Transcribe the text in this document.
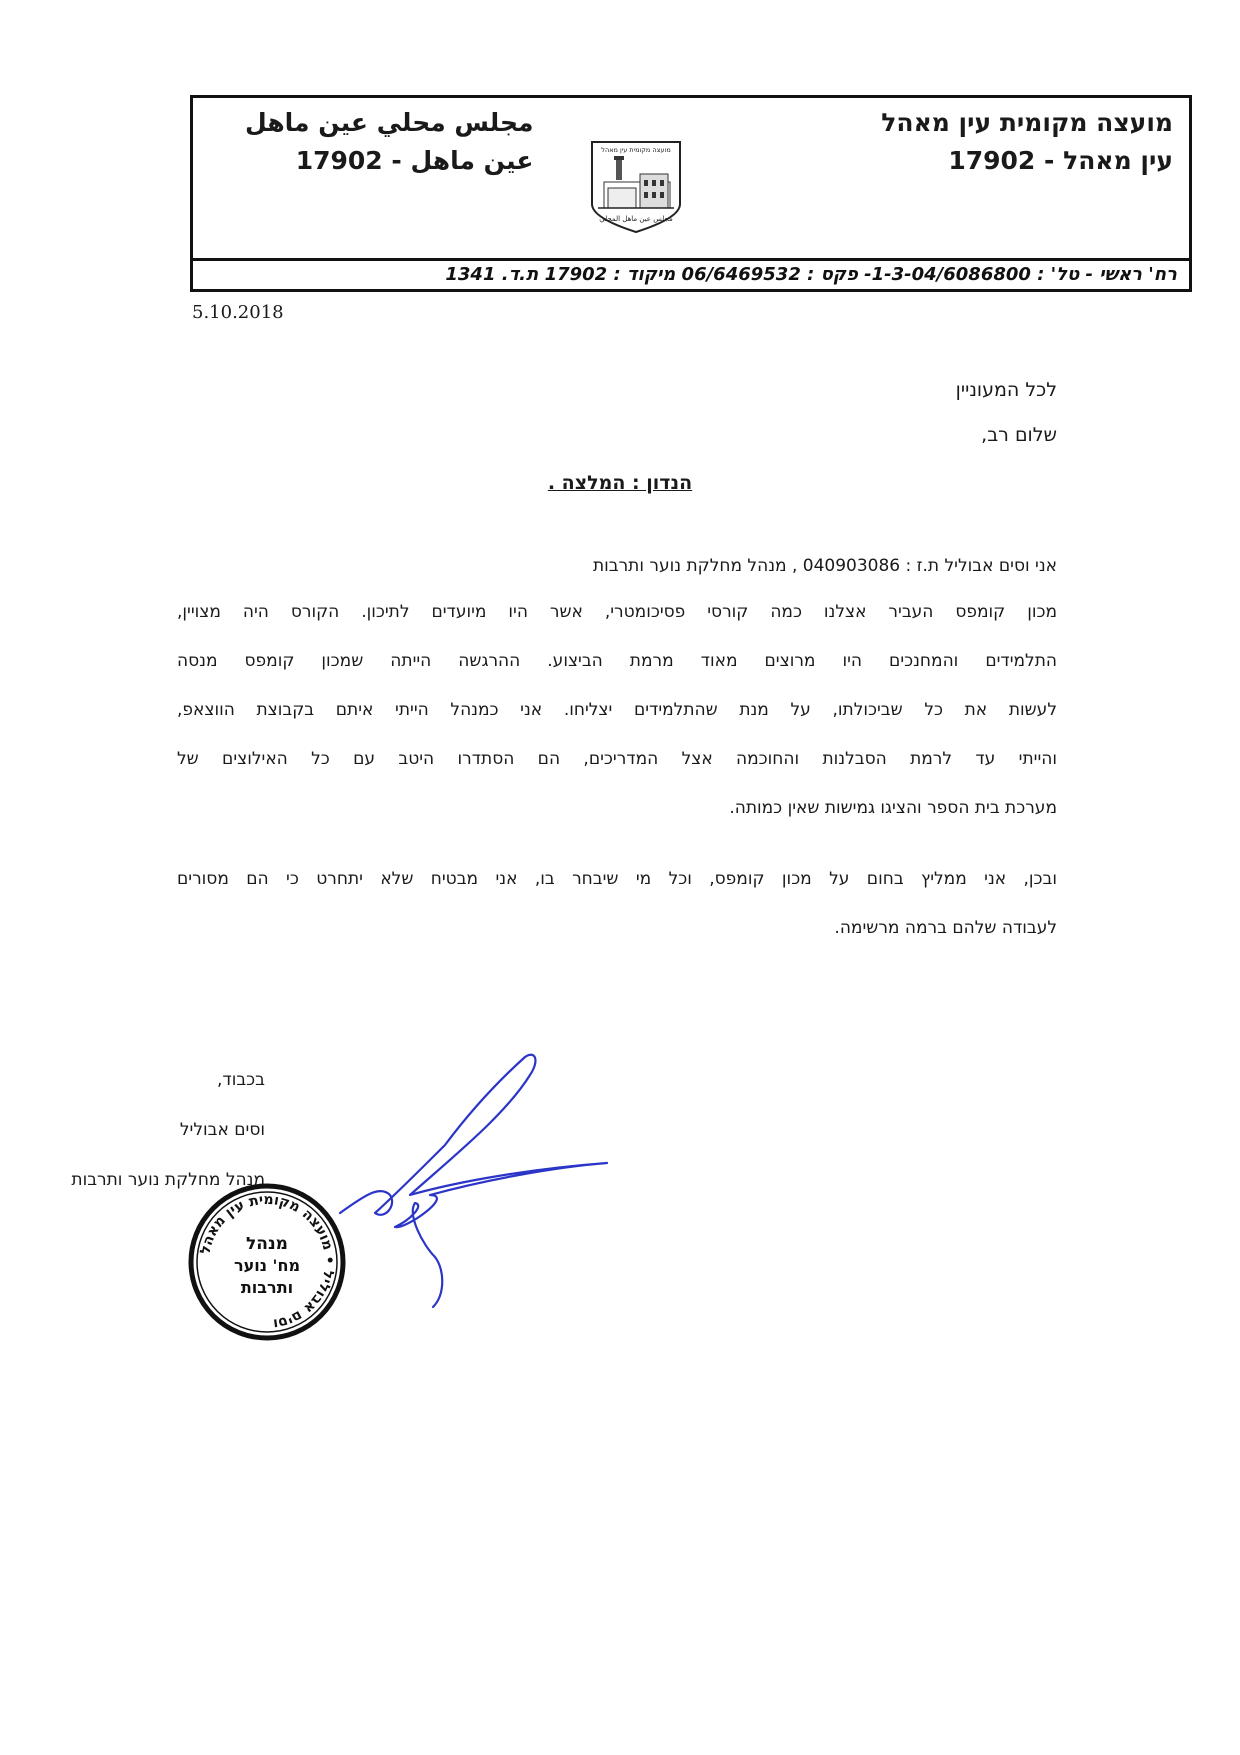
מועצה מקומית עין מאהל
עין מאהל - 17902
مجلس محلي عين ماهل
عين ماهل - 17902	מועצה מקומית עין מאהל
مجلس عين ماهل المحلي
רח' ראשי - טל' : 1-3-04/6086800- פקס : 06/6469532 מיקוד : 17902 ת.ד. 1341
5.10.2018
לכל המעוניין
שלום רב,
הנדון : המלצה .
אני וסים אבוליל ת.ז : 040903086 , מנהל מחלקת נוער ותרבות
מכון קומפס העביר אצלנו כמה קורסי פסיכומטרי, אשר היו מיועדים לתיכון. הקורס היה מצויין,
התלמידים והמחנכים היו מרוצים מאוד מרמת הביצוע. ההרגשה הייתה שמכון קומפס מנסה
לעשות את כל שביכולתו, על מנת שהתלמידים יצליחו. אני כמנהל הייתי איתם בקבוצת הווצאפ,
והייתי עד לרמת הסבלנות והחוכמה אצל המדריכים, הם הסתדרו היטב עם כל האילוצים של
מערכת בית הספר והציגו גמישות שאין כמותה.
ובכן, אני ממליץ בחום על מכון קומפס, וכל מי שיבחר בו, אני מבטיח שלא יתחרט כי הם מסורים
לעבודה שלהם ברמה מרשימה.
בכבוד,
וסים אבוליל
מנהל מחלקת נוער ותרבות
וסים אבוליל • מועצה מקומית עין מאהל
מנהל
מח' נוער
ותרבות
